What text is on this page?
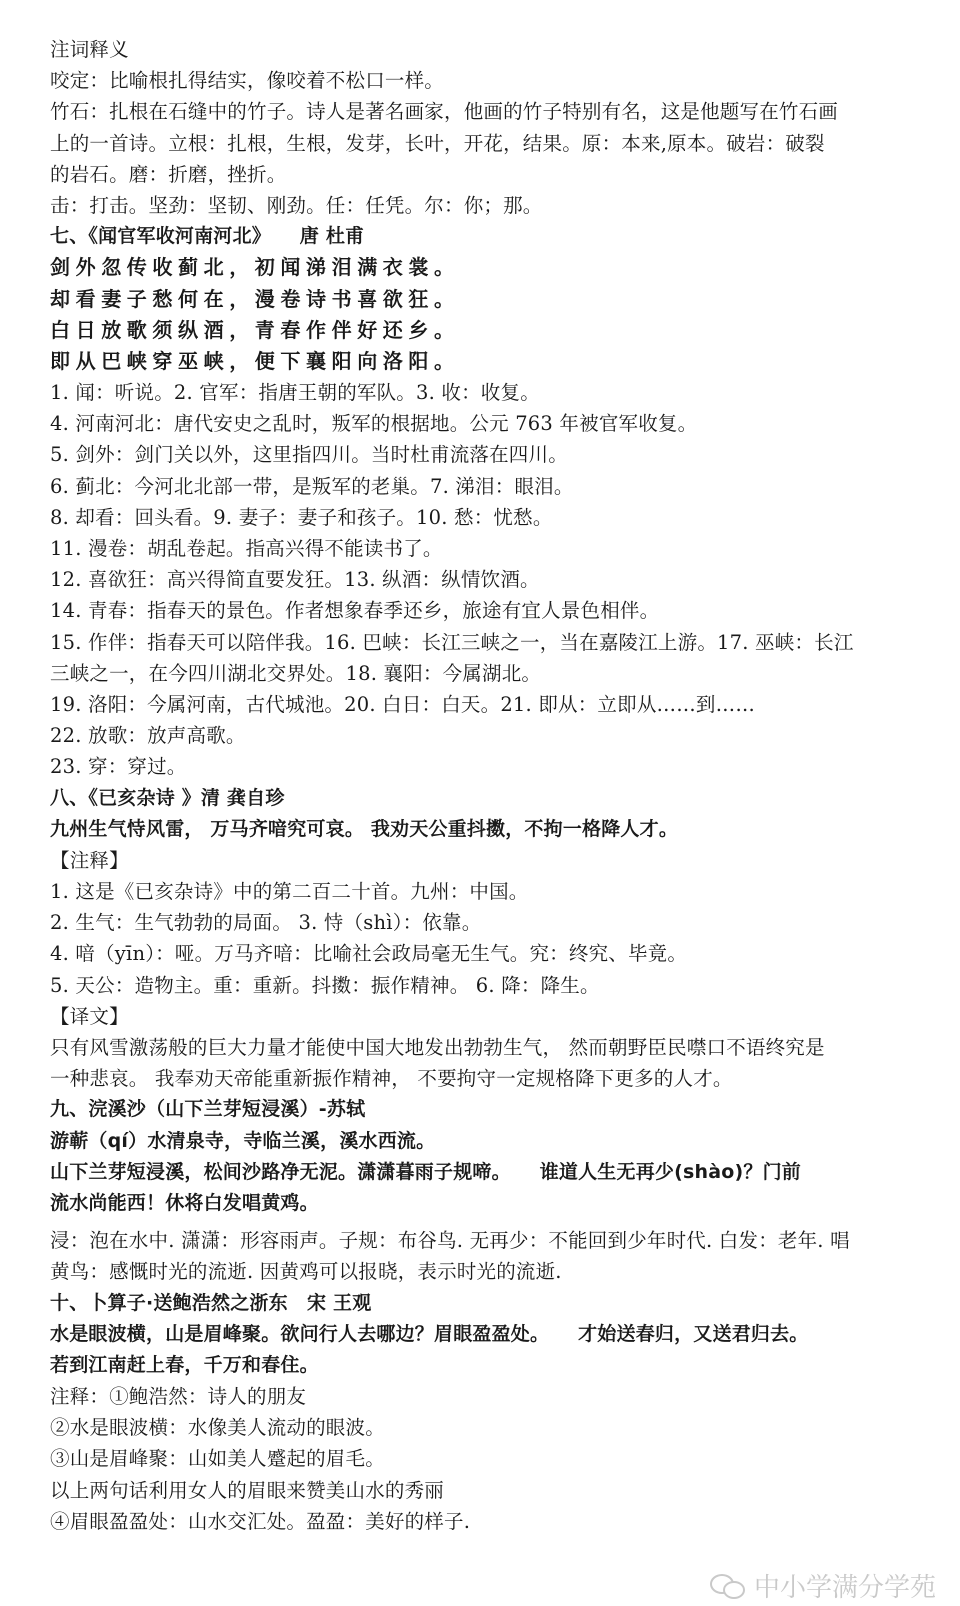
注词释义
咬定：比喻根扎得结实，像咬着不松口一样。
竹石：扎根在石缝中的竹子。诗人是著名画家，他画的竹子特别有名，这是他题写在竹石画
上的一首诗。立根：扎根，生根，发芽，长叶，开花，结果。原：本来,原本。破岩：破裂
的岩石。磨：折磨，挫折。
击：打击。坚劲：坚韧、刚劲。任：任凭。尔：你；那。
七、《闻官军收河南河北》　　唐 杜甫
剑外忽传收蓟北，初闻涕泪满衣裳。
却看妻子愁何在，漫卷诗书喜欲狂。
白日放歌须纵酒，青春作伴好还乡。
即从巴峡穿巫峡，便下襄阳向洛阳。
1. 闻：听说。2. 官军：指唐王朝的军队。3. 收：收复。
4. 河南河北：唐代安史之乱时，叛军的根据地。公元 763 年被官军收复。
5. 剑外：剑门关以外，这里指四川。当时杜甫流落在四川。
6. 蓟北：今河北北部一带，是叛军的老巢。7. 涕泪：眼泪。
8. 却看：回头看。9. 妻子：妻子和孩子。10. 愁：忧愁。
11. 漫卷：胡乱卷起。指高兴得不能读书了。
12. 喜欲狂：高兴得简直要发狂。13. 纵酒：纵情饮酒。
14. 青春：指春天的景色。作者想象春季还乡，旅途有宜人景色相伴。
15. 作伴：指春天可以陪伴我。16. 巴峡：长江三峡之一，当在嘉陵江上游。17. 巫峡：长江
三峡之一，在今四川湖北交界处。18. 襄阳：今属湖北。
19. 洛阳：今属河南，古代城池。20. 白日：白天。21. 即从：立即从……到……
22. 放歌：放声高歌。
23. 穿：穿过。
八、《已亥杂诗 》清 龚自珍
九州生气恃风雷， 万马齐喑究可哀。 我劝天公重抖擞，不拘一格降人才。
【注释】
1. 这是《已亥杂诗》中的第二百二十首。九州：中国。
2. 生气：生气勃勃的局面。 3. 恃（shì）：依靠。
4. 喑（yīn）：哑。万马齐喑：比喻社会政局毫无生气。究：终究、毕竟。
5. 天公：造物主。重：重新。抖擞：振作精神。 6. 降：降生。
【译文】
只有风雪激荡般的巨大力量才能使中国大地发出勃勃生气， 然而朝野臣民噤口不语终究是
一种悲哀。 我奉劝天帝能重新振作精神， 不要拘守一定规格降下更多的人才。
九、浣溪沙（山下兰芽短浸溪）-苏轼
游蕲（qí）水清泉寺，寺临兰溪，溪水西流。
山下兰芽短浸溪，松间沙路净无泥。潇潇暮雨子规啼。　　谁道人生无再少(shào)？门前
流水尚能西！休将白发唱黄鸡。
浸：泡在水中. 潇潇：形容雨声。子规：布谷鸟. 无再少：不能回到少年时代. 白发：老年. 唱
黄鸟：感慨时光的流逝. 因黄鸡可以报晓，表示时光的流逝.
十、卜算子·送鲍浩然之浙东　宋 王观
水是眼波横，山是眉峰聚。欲问行人去哪边？眉眼盈盈处。　　才始送春归，又送君归去。
若到江南赶上春，千万和春住。
注释：①鲍浩然：诗人的朋友
②水是眼波横：水像美人流动的眼波。
③山是眉峰聚：山如美人蹙起的眉毛。
以上两句话利用女人的眉眼来赞美山水的秀丽
④眉眼盈盈处：山水交汇处。盈盈：美好的样子.
中小学满分学苑
